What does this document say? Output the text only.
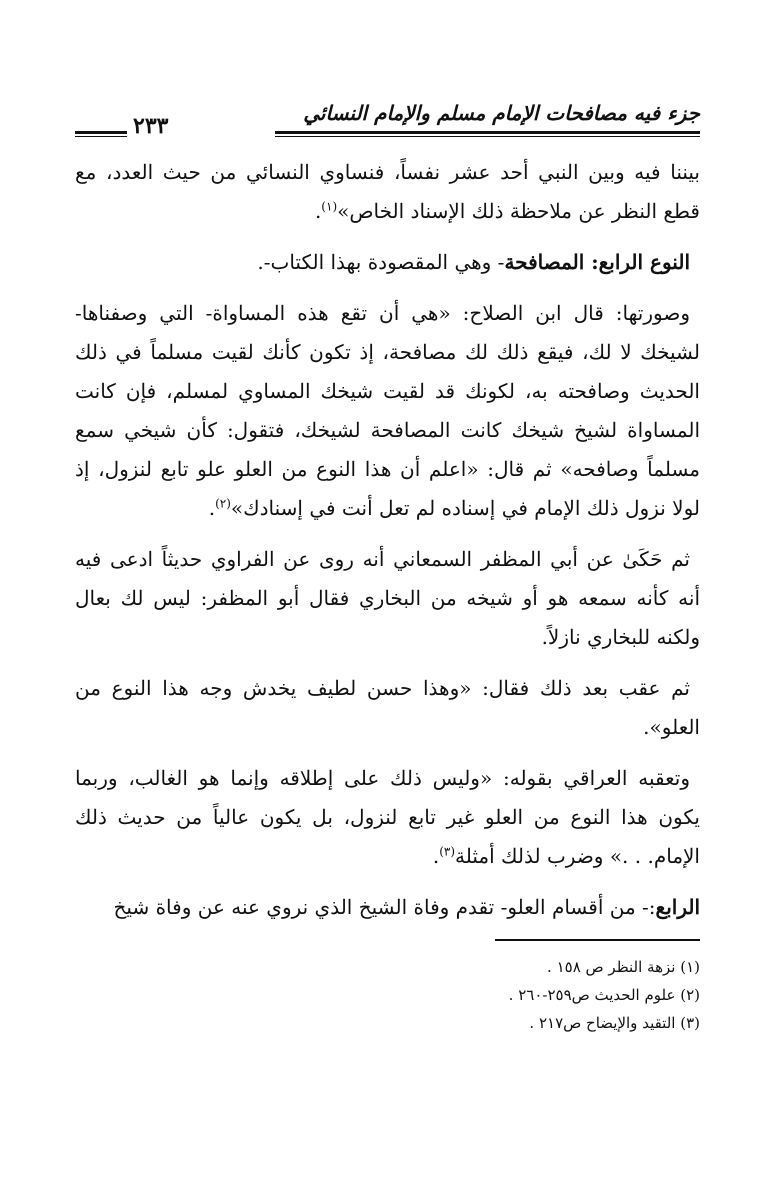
جزء فيه مصافحات الإمام مسلم والإمام النسائي
٢٣٣

بيننا فيه وبين النبي أحد عشر نفساً، فنساوي النسائي من حيث العدد، مع قطع النظر عن ملاحظة ذلك الإسناد الخاص»$^{(١)}$.

النوع الرابع: المصافحة- وهي المقصودة بهذا الكتاب-.

وصورتها: قال ابن الصلاح: «هي أن تقع هذه المساواة- التي وصفناها- لشيخك لا لك، فيقع ذلك لك مصافحة، إذ تكون كأنك لقيت مسلماً في ذلك الحديث وصافحته به، لكونك قد لقيت شيخك المساوي لمسلم، فإن كانت المساواة لشيخ شيخك كانت المصافحة لشيخك، فتقول: كأن شيخي سمع مسلماً وصافحه» ثم قال: «اعلم أن هذا النوع من العلو علو تابع لنزول، إذ لولا نزول ذلك الإمام في إسناده لم تعل أنت في إسنادك»$^{(٢)}$.

ثم حَكَىٰ عن أبي المظفر السمعاني أنه روى عن الفراوي حديثاً ادعى فيه أنه كأنه سمعه هو أو شيخه من البخاري فقال أبو المظفر: ليس لك بعال ولكنه للبخاري نازلاً.

ثم عقب بعد ذلك فقال: «وهذا حسن لطيف يخدش وجه هذا النوع من العلو».

وتعقبه العراقي بقوله: «وليس ذلك على إطلاقه وإنما هو الغالب، وربما يكون هذا النوع من العلو غير تابع لنزول، بل يكون عالياً من حديث ذلك الإمام. . .» وضرب لذلك أمثلة$^{(٣)}$.

الرابع:- من أقسام العلو- تقدم وفاة الشيخ الذي نروي عنه عن وفاة شيخ

(١) نزهة النظر ص ١٥٨ .

(٢) علوم الحديث ص٢٥٩-٢٦٠ .

(٣) التقيد والإيضاح ص٢١٧ .
